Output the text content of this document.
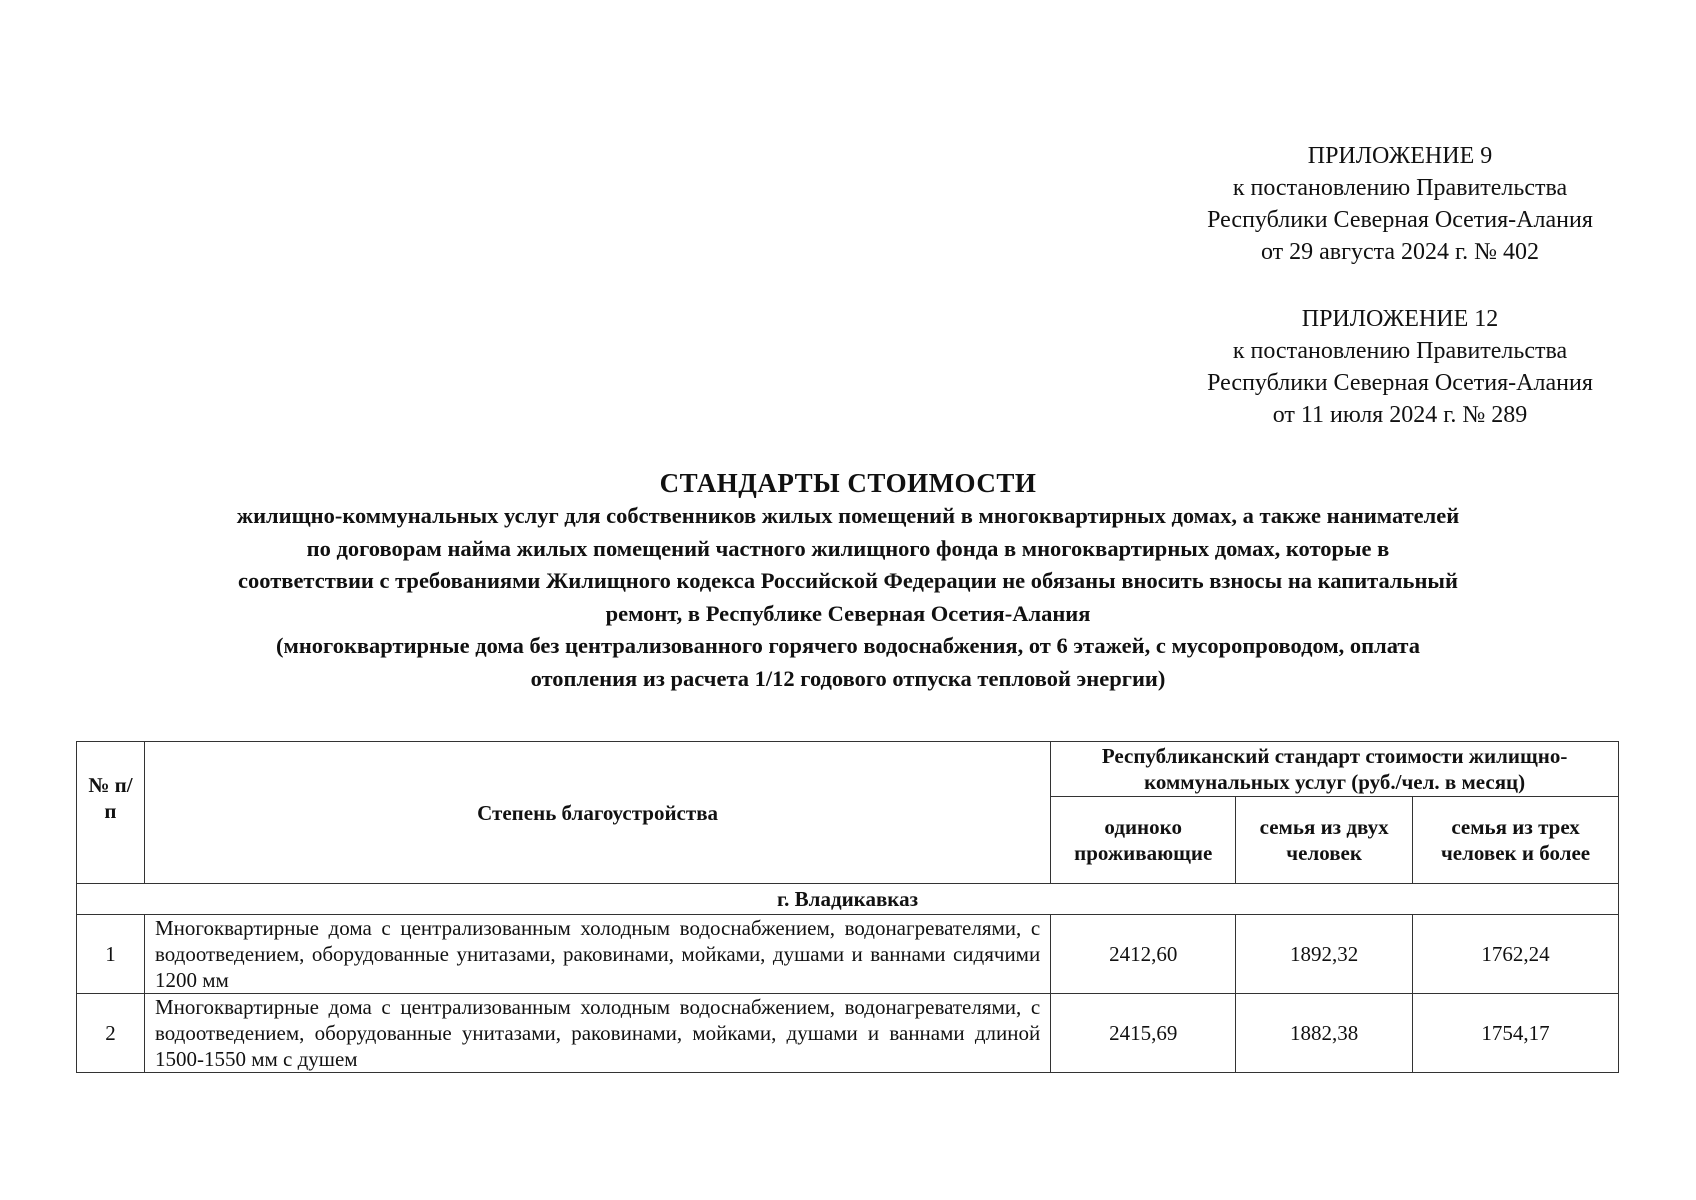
ПРИЛОЖЕНИЕ 9
к постановлению Правительства
Республики Северная Осетия-Алания
от 29 августа 2024 г. № 402
ПРИЛОЖЕНИЕ 12
к постановлению Правительства
Республики Северная Осетия-Алания
от 11 июля 2024 г. № 289
СТАНДАРТЫ СТОИМОСТИ
жилищно-коммунальных услуг для собственников жилых помещений в многоквартирных домах, а также нанимателей
по договорам найма жилых помещений частного жилищного фонда в многоквартирных домах, которые в
соответствии с требованиями Жилищного кодекса Российской Федерации не обязаны вносить взносы на капитальный
ремонт, в Республике Северная Осетия-Алания
(многоквартирные дома без централизованного горячего водоснабжения, от 6 этажей, с мусоропроводом, оплата
отопления из расчета 1/12 годового отпуска тепловой энергии)
№ п/п	Степень благоустройства	Республиканский стандарт стоимости жилищно-коммунальных услуг (руб./чел. в месяц)		
		одиноко проживающие	семья из двух человек	семья из трех человек и более
г. Владикавказ				
1	Многоквартирные дома с централизованным холодным водоснабжением, водонагревателями, с водоотведением, оборудованные унитазами, раковинами, мойками, душами и ваннами сидячими 1200 мм	2412,60	1892,32	1762,24
2	Многоквартирные дома с централизованным холодным водоснабжением, водонагревателями, с водоотведением, оборудованные унитазами, раковинами, мойками, душами и ваннами длиной 1500-1550 мм с душем	2415,69	1882,38	1754,17
